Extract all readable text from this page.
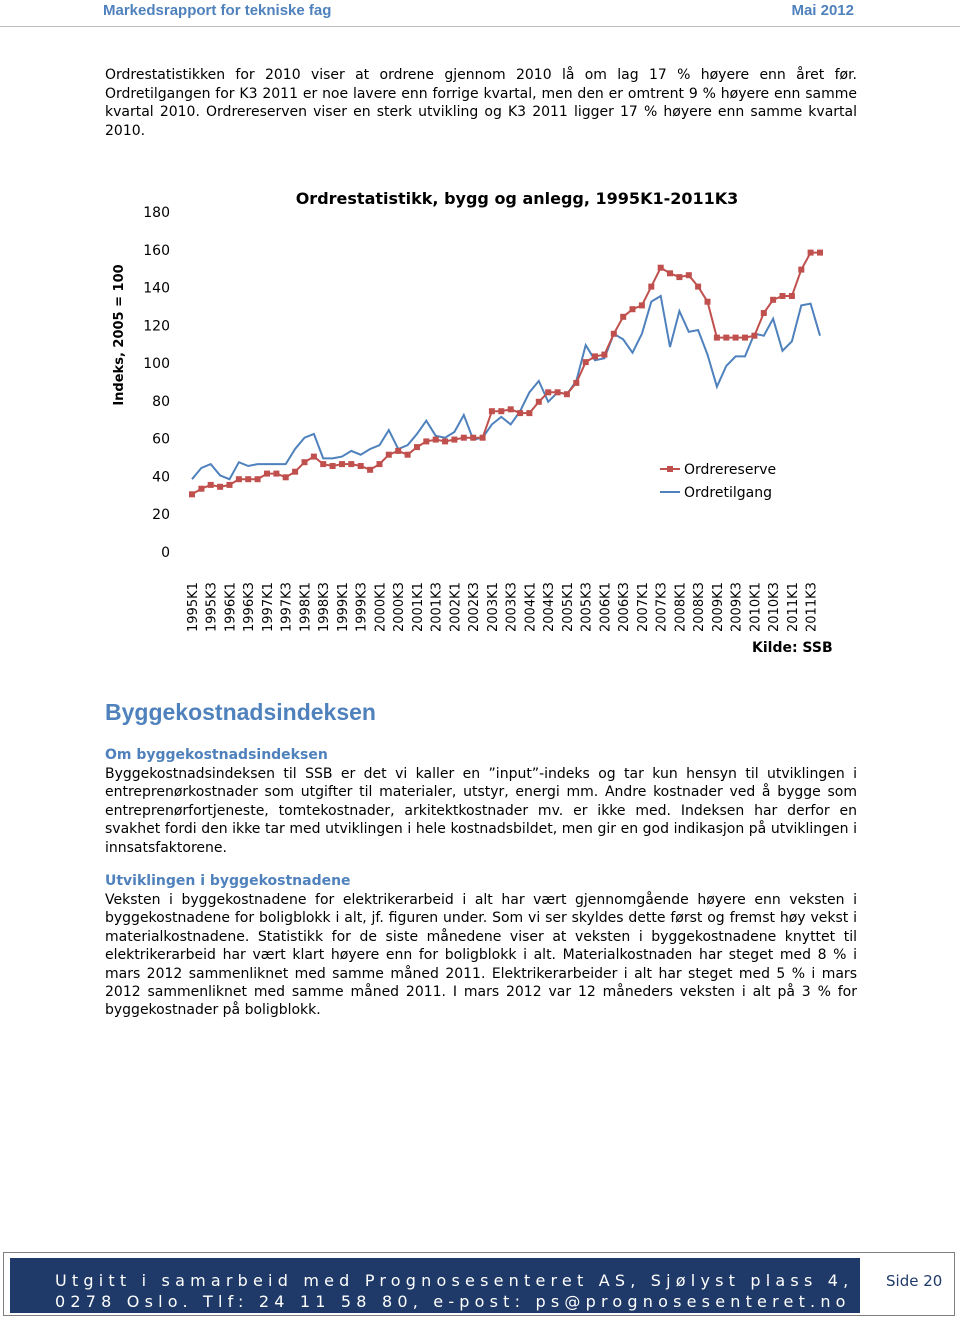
Markedsrapport for tekniske fag	Mai 2012
Ordrestatistikken for 2010 viser at ordrene gjennom 2010 lå om lag 17 % høyere enn året før. Ordretilgangen for K3 2011 er noe lavere enn forrige kvartal, men den er omtrent 9 % høyere enn samme kvartal 2010. Ordrereserven viser en sterk utvikling og K3 2011 ligger 17 % høyere enn samme kvartal 2010.
Ordrestatistikk, bygg og anlegg, 1995K1-2011K3
Indeks, 2005 = 100
0
20
40
60
80
100
120
140
160
180
1995K1 1995K3 1996K1 1996K3 1997K1 1997K3 1998K1 1998K3 1999K1 1999K3 2000K1 2000K3 2001K1 2001K3 2002K1 2002K3 2003K1 2003K3 2004K1 2004K3 2005K1 2005K3 2006K1 2006K3 2007K1 2007K3 2008K1 2008K3 2009K1 2009K3 2010K1 2010K3 2011K1 2011K3
Ordrereserve
Ordretilgang
Kilde: SSB
Byggekostnadsindeksen
Om byggekostnadsindeksen
Byggekostnadsindeksen til SSB er det vi kaller en ”input”-indeks og tar kun hensyn til utviklingen i entreprenørkostnader som utgifter til materialer, utstyr, energi mm. Andre kostnader ved å bygge som entreprenørfortjeneste, tomtekostnader, arkitektkostnader mv. er ikke med. Indeksen har derfor en svakhet fordi den ikke tar med utviklingen i hele kostnadsbildet, men gir en god indikasjon på utviklingen i innsatsfaktorene.
Utviklingen i byggekostnadene
Veksten i byggekostnadene for elektrikerarbeid i alt har vært gjennomgående høyere enn veksten i byggekostnadene for boligblokk i alt, jf. figuren under. Som vi ser skyldes dette først og fremst høy vekst i materialkostnadene. Statistikk for de siste månedene viser at veksten i byggekostnadene knyttet til elektrikerarbeid har vært klart høyere enn for boligblokk i alt. Materialkostnaden har steget med 8 % i mars 2012 sammenliknet med samme måned 2011. Elektrikerarbeider i alt har steget med 5 % i mars 2012 sammenliknet med samme måned 2011. I mars 2012 var 12 måneders veksten i alt på 3 % for byggekostnader på boligblokk.
Utgitt i samarbeid med Prognosesenteret AS, Sjølyst plass 4,
0278 Oslo. Tlf: 24 11 58 80, e-post: ps@prognosesenteret.no
Side 20
